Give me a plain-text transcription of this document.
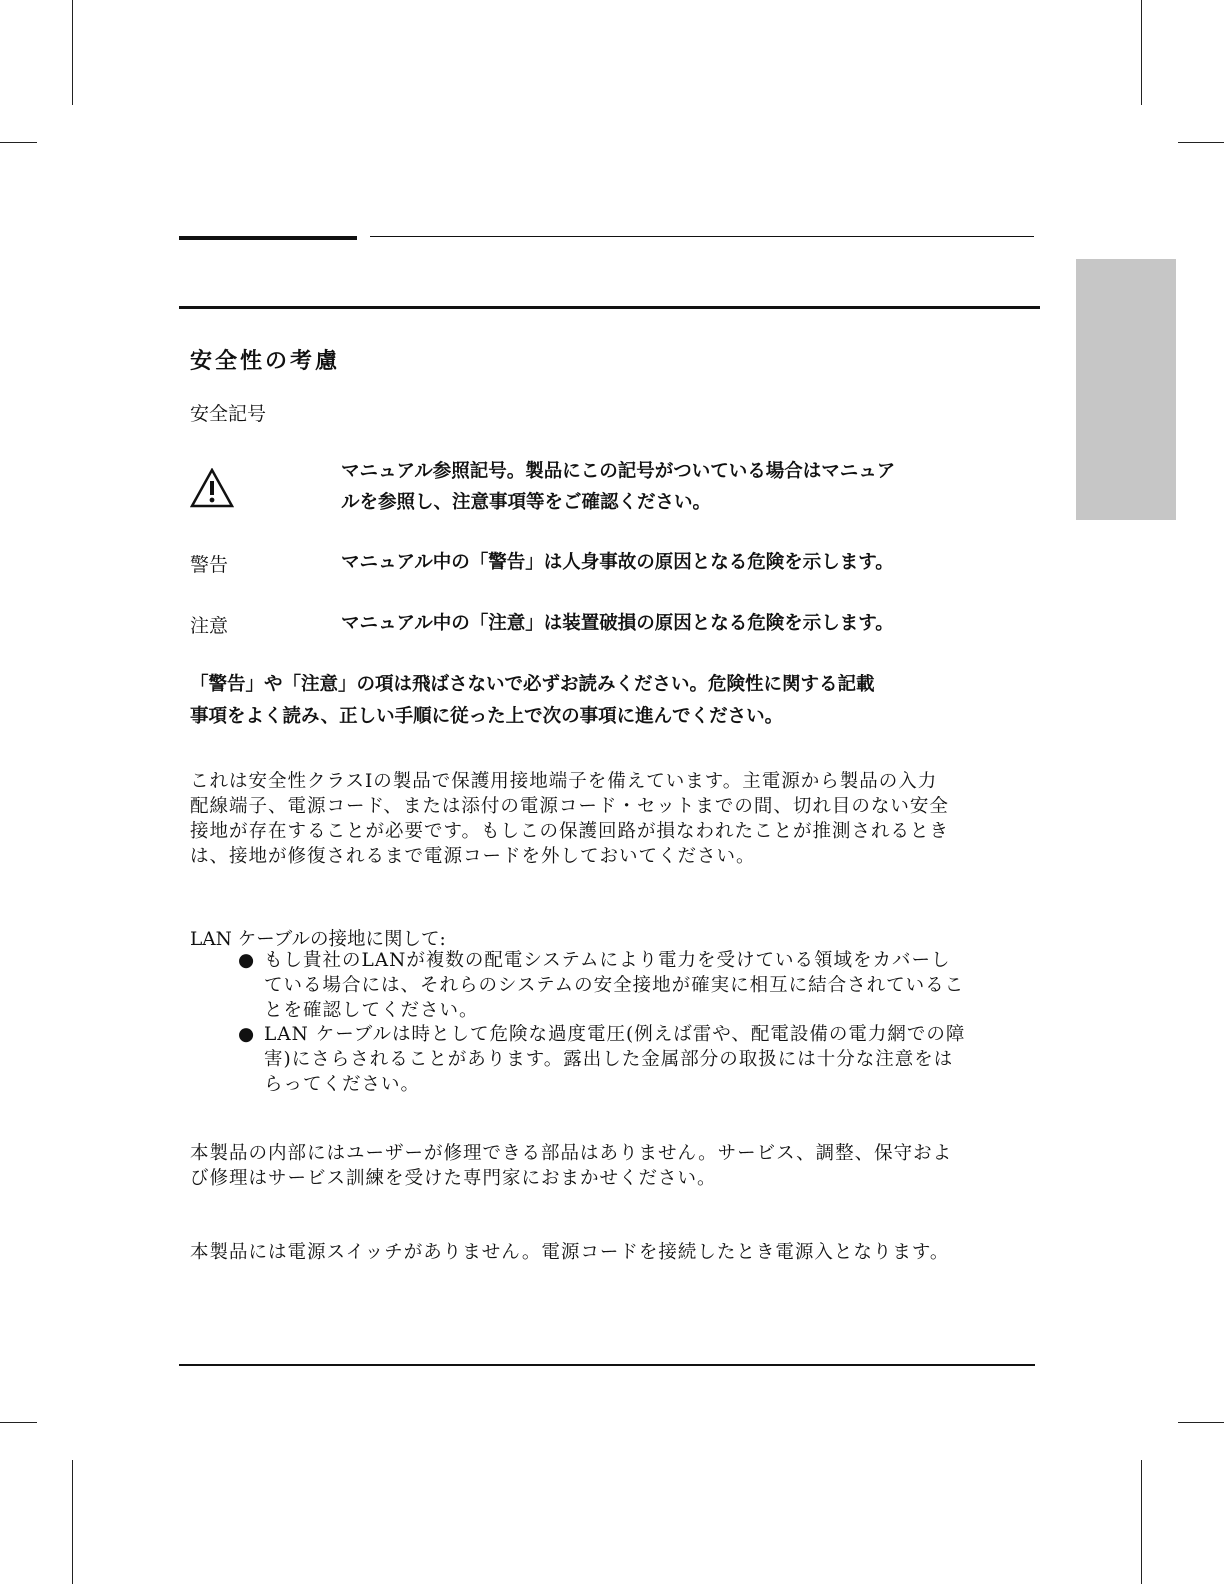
安全性の考慮
安全記号
マニュアル参照記号。製品にこの記号がついている場合はマニュア
ルを参照し、注意事項等をご確認ください。
警告	マニュアル中の「警告」は人身事故の原因となる危険を示します。
注意	マニュアル中の「注意」は装置破損の原因となる危険を示します。
「警告」や「注意」の項は飛ばさないで必ずお読みください。危険性に関する記載
事項をよく読み、正しい手順に従った上で次の事項に進んでください。
これは安全性クラスIの製品で保護用接地端子を備えています。主電源から製品の入力
配線端子、電源コード、または添付の電源コード・セットまでの間、切れ目のない安全
接地が存在することが必要です。もしこの保護回路が損なわれたことが推測されるとき
は、接地が修復されるまで電源コードを外しておいてください。
LAN ケーブルの接地に関して:
● もし貴社のLANが複数の配電システムにより電力を受けている領域をカバーし
ている場合には、それらのシステムの安全接地が確実に相互に結合されているこ
とを確認してください。
● LAN ケーブルは時として危険な過度電圧(例えば雷や、配電設備の電力網での障
害)にさらされることがあります。露出した金属部分の取扱には十分な注意をは
らってください。
本製品の内部にはユーザーが修理できる部品はありません。サービス、調整、保守およ
び修理はサービス訓練を受けた専門家におまかせください。
本製品には電源スイッチがありません。電源コードを接続したとき電源入となります。
